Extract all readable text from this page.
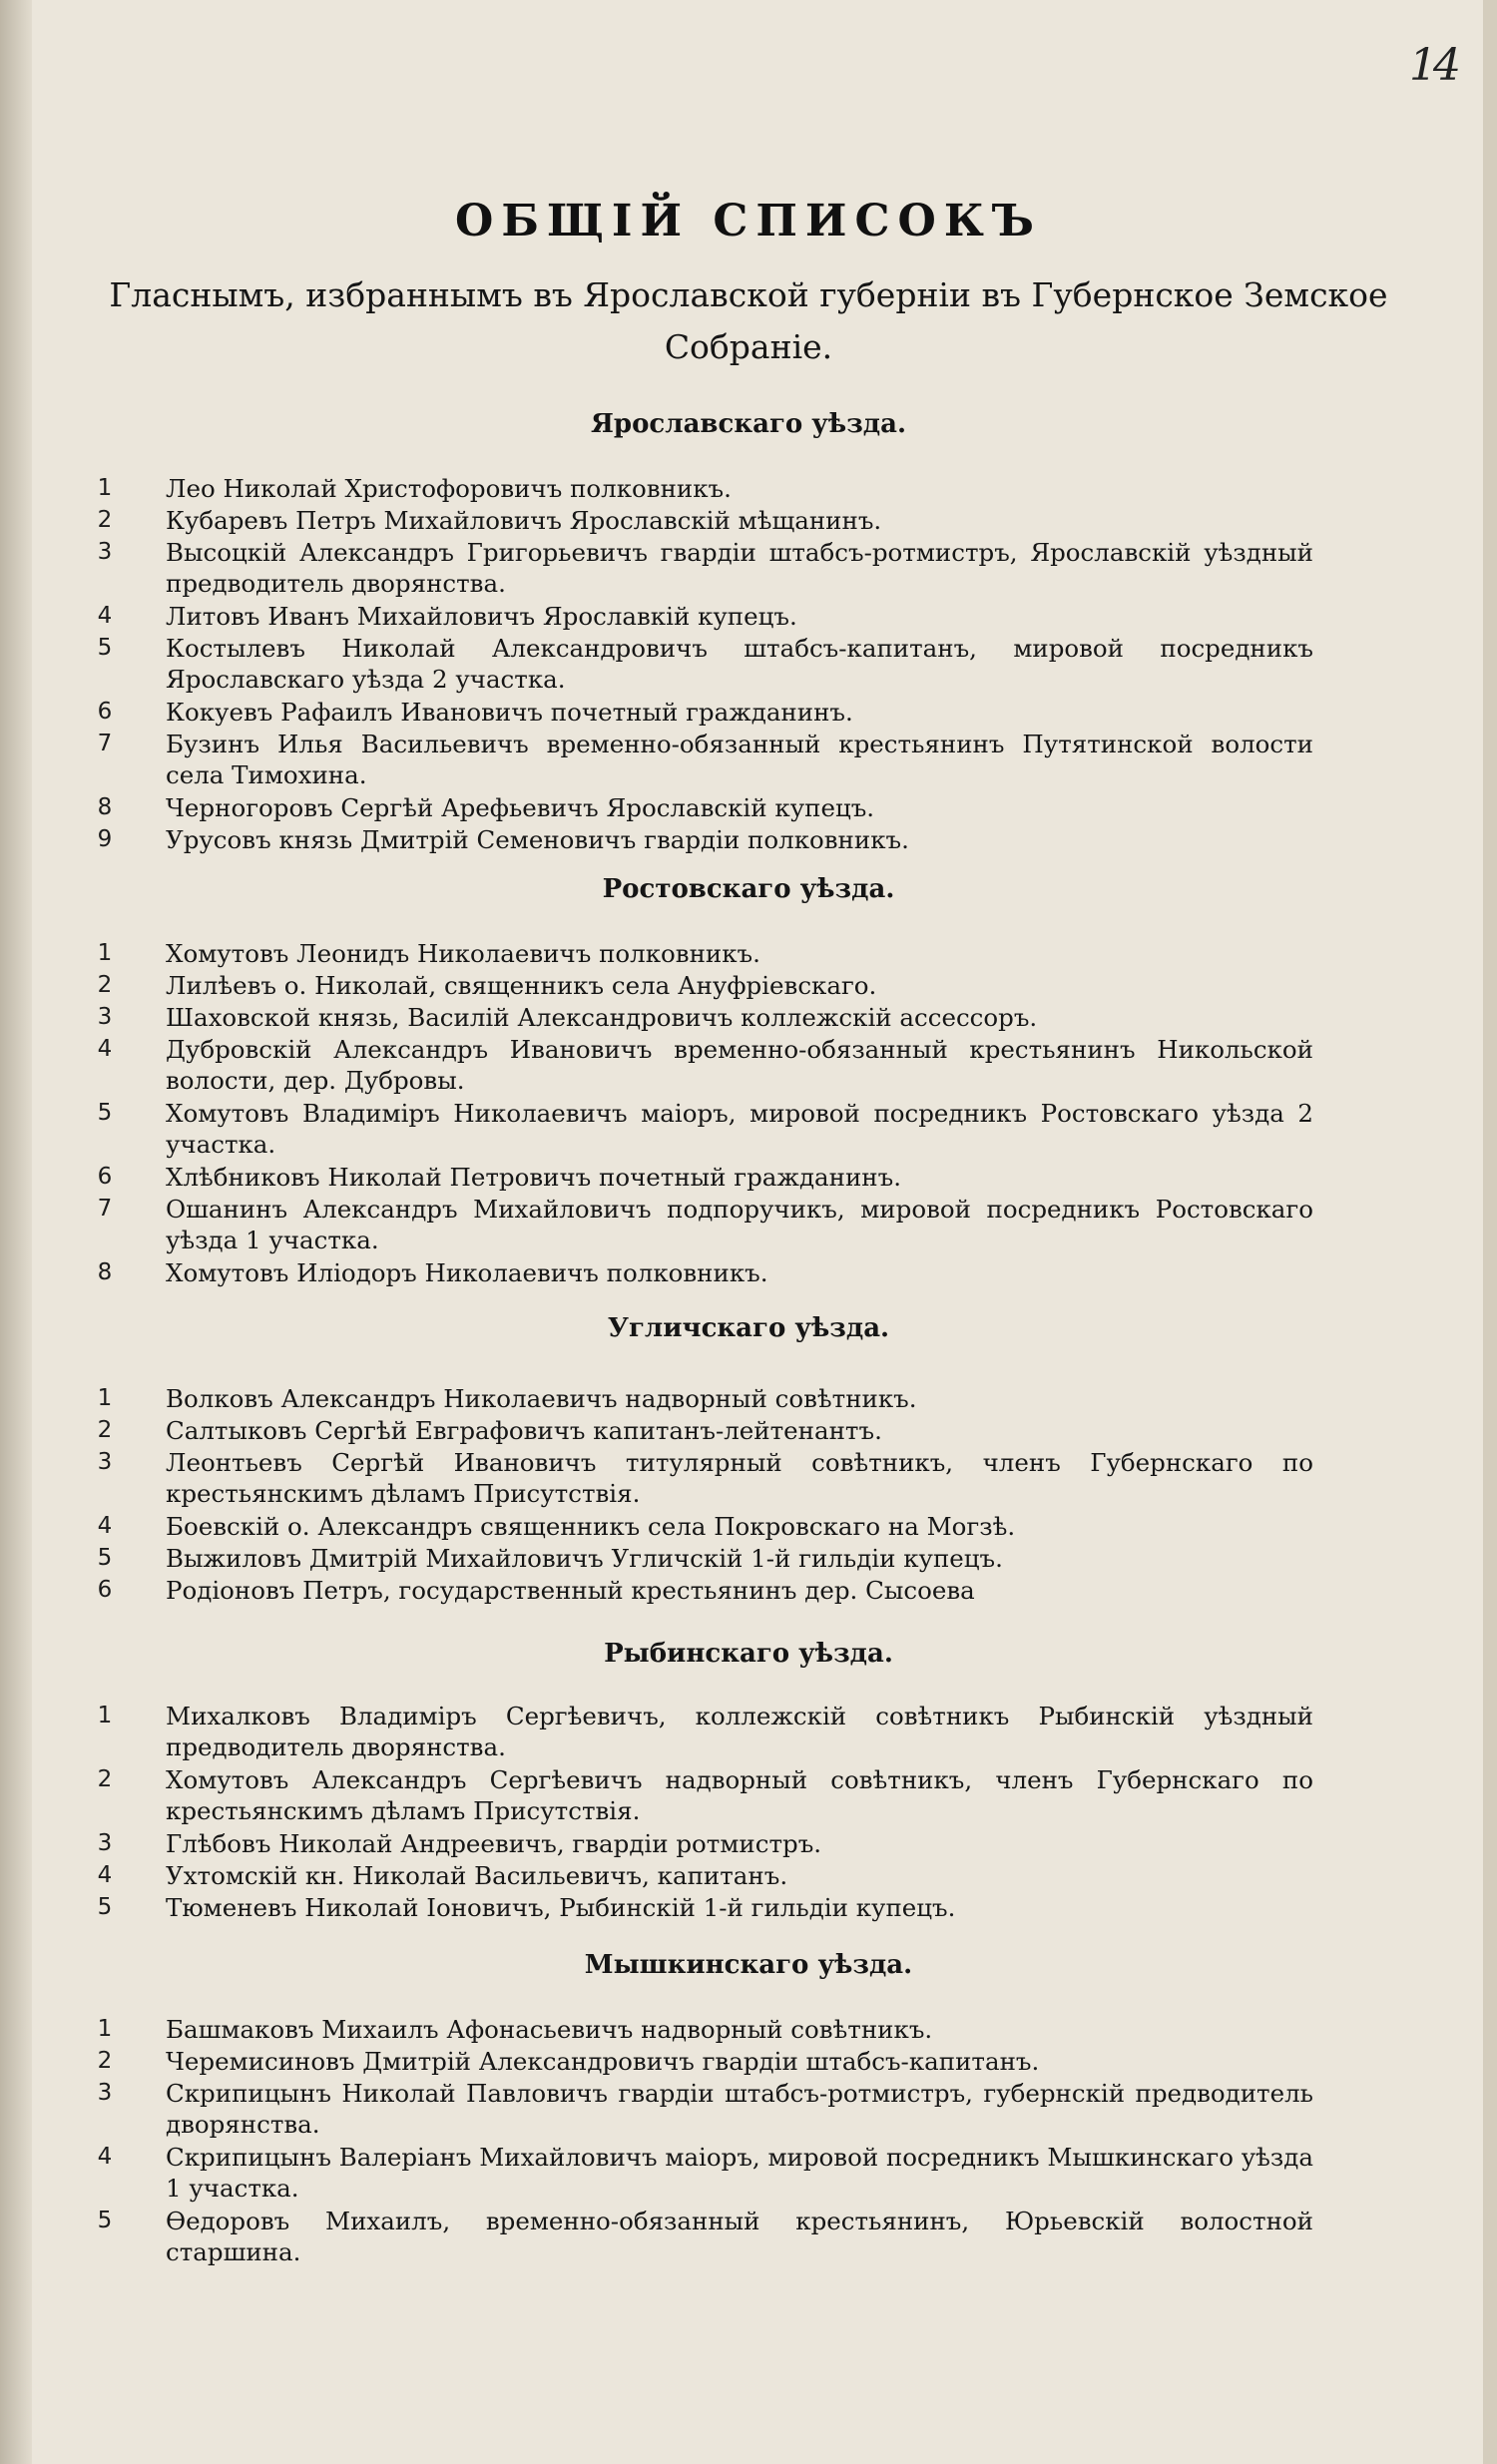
14
ОБЩІЙ СПИСОКЪ
Гласнымъ, избраннымъ въ Ярославской губерніи въ Губернское Земское Собраніе.
Ярославскаго уѣзда.
1	Лео Николай Христофоровичъ полковникъ.
2	Кубаревъ Петръ Михайловичъ Ярославскій мѣщанинъ.
3	Высоцкій Александръ Григорьевичъ гвардіи штабсъ-ротмистръ, Ярославскій уѣздный предводитель дворянства.
4	Литовъ Иванъ Михайловичъ Ярославкій купецъ.
5	Костылевъ Николай Александровичъ штабсъ-капитанъ, мировой посредникъ Ярославскаго уѣзда 2 участка.
6	Кокуевъ Рафаилъ Ивановичъ почетный гражданинъ.
7	Бузинъ Илья Васильевичъ временно-обязанный крестьянинъ Путятинской волости села Тимохина.
8	Черногоровъ Сергѣй Арефьевичъ Ярославскій купецъ.
9	Урусовъ князь Дмитрій Семеновичъ гвардіи полковникъ.
Ростовскаго уѣзда.
1	Хомутовъ Леонидъ Николаевичъ полковникъ.
2	Лилѣевъ о. Николай, священникъ села Ануфріевскаго.
3	Шаховской князь, Василій Александровичъ коллежскій ассессоръ.
4	Дубровскій Александръ Ивановичъ временно-обязанный крестьянинъ Никольской волости, дер. Дубровы.
5	Хомутовъ Владиміръ Николаевичъ маіоръ, мировой посредникъ Ростовскаго уѣзда 2 участка.
6	Хлѣбниковъ Николай Петровичъ почетный гражданинъ.
7	Ошанинъ Александръ Михайловичъ подпоручикъ, мировой посредникъ Ростовскаго уѣзда 1 участка.
8	Хомутовъ Иліодоръ Николаевичъ полковникъ.
Угличскаго уѣзда.
1	Волковъ Александръ Николаевичъ надворный совѣтникъ.
2	Салтыковъ Сергѣй Евграфовичъ капитанъ-лейтенантъ.
3	Леонтьевъ Сергѣй Ивановичъ титулярный совѣтникъ, членъ Губернскаго по крестьянскимъ дѣламъ Присутствія.
4	Боевскій о. Александръ священникъ села Покровскаго на Могзѣ.
5	Выжиловъ Дмитрій Михайловичъ Угличскій 1-й гильдіи купецъ.
6	Родіоновъ Петръ, государственный крестьянинъ дер. Сысоева
Рыбинскаго уѣзда.
1	Михалковъ Владиміръ Сергѣевичъ, коллежскій совѣтникъ Рыбинскій уѣздный предводитель дворянства.
2	Хомутовъ Александръ Сергѣевичъ надворный совѣтникъ, членъ Губернскаго по крестьянскимъ дѣламъ Присутствія.
3	Глѣбовъ Николай Андреевичъ, гвардіи ротмистръ.
4	Ухтомскій кн. Николай Васильевичъ, капитанъ.
5	Тюменевъ Николай Іоновичъ, Рыбинскій 1-й гильдіи купецъ.
Мышкинскаго уѣзда.
1	Башмаковъ Михаилъ Афонасьевичъ надворный совѣтникъ.
2	Черемисиновъ Дмитрій Александровичъ гвардіи штабсъ-капитанъ.
3	Скрипицынъ Николай Павловичъ гвардіи штабсъ-ротмистръ, губернскій предводитель дворянства.
4	Скрипицынъ Валеріанъ Михайловичъ маіоръ, мировой посредникъ Мышкинскаго уѣзда 1 участка.
5	Ѳедоровъ Михаилъ, временно-обязанный крестьянинъ, Юрьевскій волостной старшина.
